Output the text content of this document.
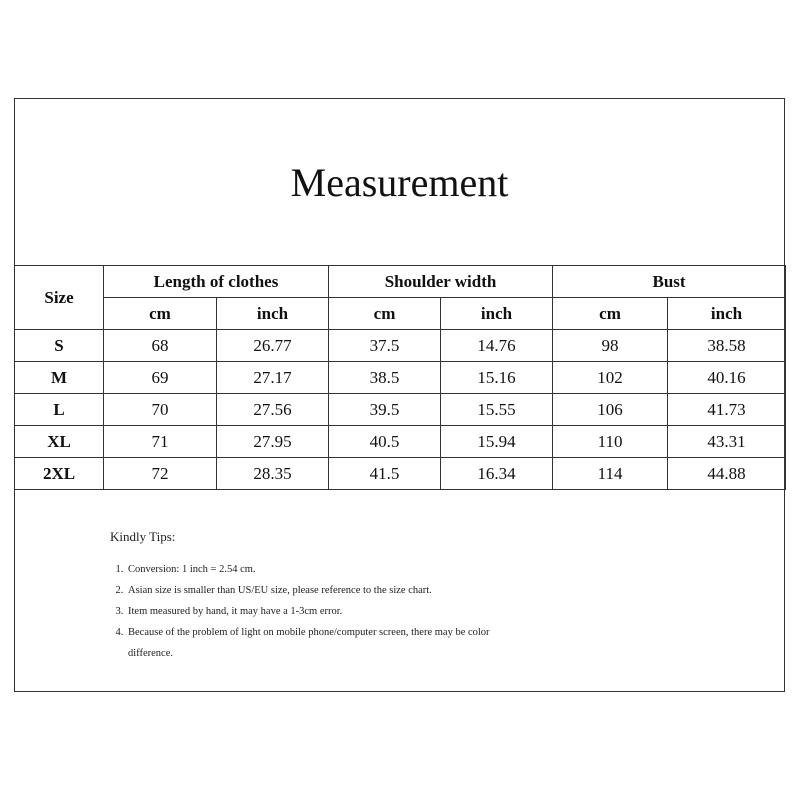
Measurement
Size	Length of clothes		Shoulder width		Bust	
	cm	inch	cm	inch	cm	inch
S	68	26.77	37.5	14.76	98	38.58
M	69	27.17	38.5	15.16	102	40.16
L	70	27.56	39.5	15.55	106	41.73
XL	71	27.95	40.5	15.94	110	43.31
2XL	72	28.35	41.5	16.34	114	44.88
Kindly Tips:
1. Conversion: 1 inch = 2.54 cm.
2. Asian size is smaller than US/EU size, please reference to the size chart.
3. Item measured by hand, it may have a 1-3cm error.
4. Because of the problem of light on mobile phone/computer screen, there may be color difference.
